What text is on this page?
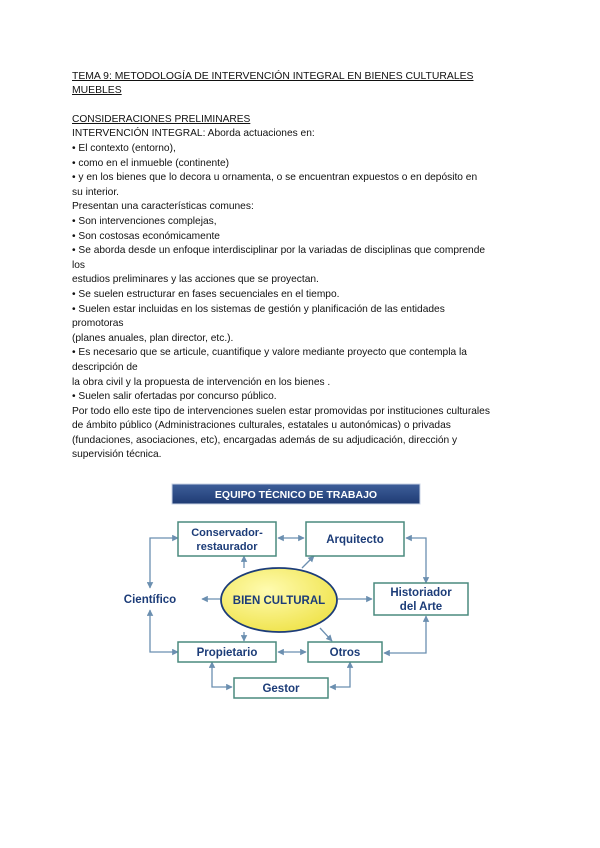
TEMA 9: METODOLOGÍA DE INTERVENCIÓN INTEGRAL EN BIENES CULTURALES
MUEBLES

CONSIDERACIONES PRELIMINARES

INTERVENCIÓN INTEGRAL: Aborda actuaciones en:

• El contexto (entorno),

• como en el inmueble (continente)

• y en los bienes que lo decora u ornamenta, o se encuentran expuestos o en depósito en

su interior.

Presentan una características comunes:

• Son intervenciones complejas,

• Son costosas económicamente

• Se aborda desde un enfoque interdisciplinar por la variadas de disciplinas que comprende

los

estudios preliminares y las acciones que se proyectan.

• Se suelen estructurar en fases secuenciales en el tiempo.

• Suelen estar incluidas en los sistemas de gestión y planificación de las entidades

promotoras

(planes anuales, plan director, etc.).

• Es necesario que se articule, cuantifique y valore mediante proyecto que contempla la

descripción de

la obra civil y la propuesta de intervención en los bienes .

• Suelen salir ofertadas por concurso público.

Por todo ello este tipo de intervenciones suelen estar promovidas por instituciones culturales

de ámbito público (Administraciones culturales, estatales u autonómicas) o privadas

(fundaciones, asociaciones, etc), encargadas además de su adjudicación, dirección y

supervisión técnica.

EQUIPO TÉCNICO DE TRABAJO
Conservador-
restaurador
Arquitecto
Científico
Historiador
del Arte
BIEN CULTURAL
Propietario	Otros
Gestor
